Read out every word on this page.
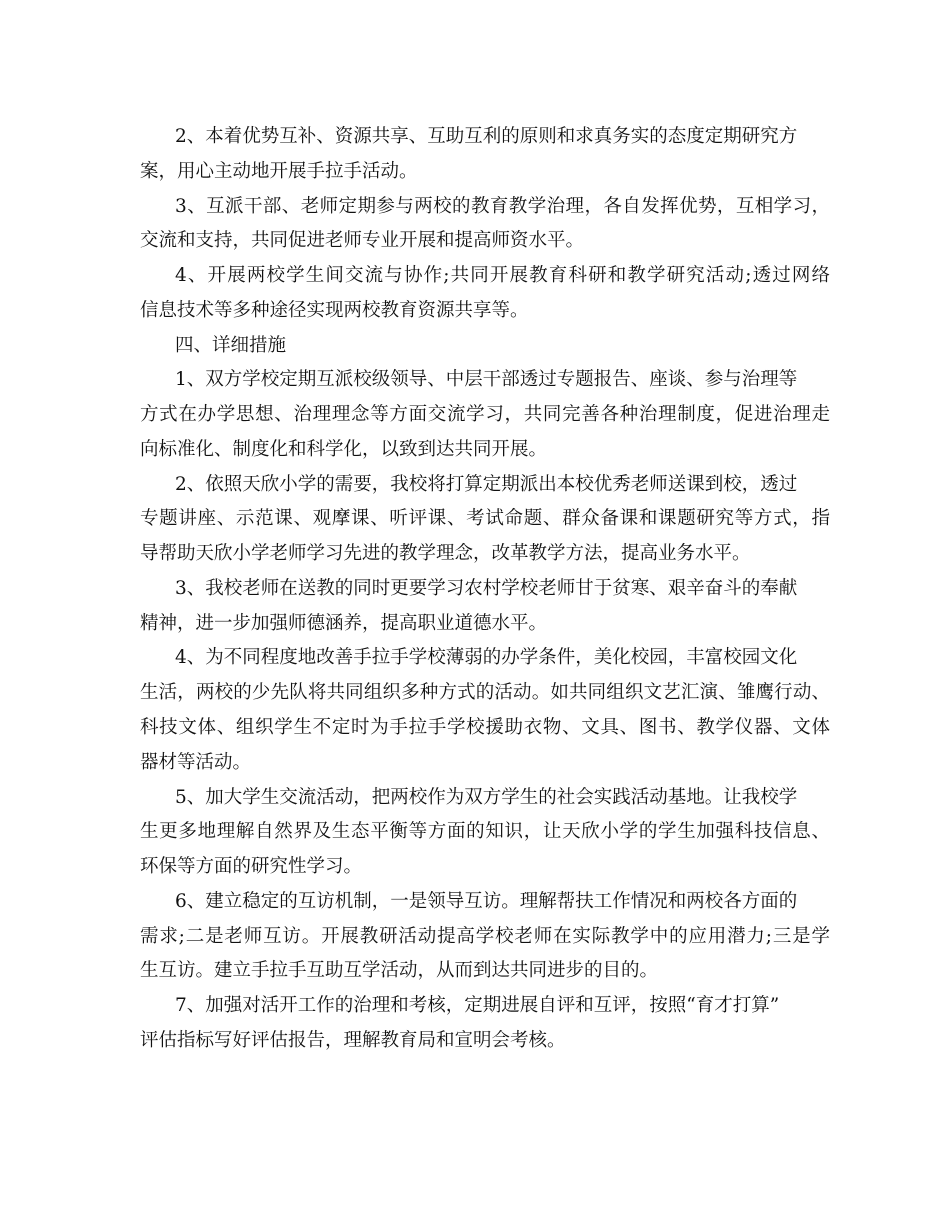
2、本着优势互补、资源共享、互助互利的原则和求真务实的态度定期研究方
案，用心主动地开展手拉手活动。
3、互派干部、老师定期参与两校的教育教学治理，各自发挥优势，互相学习，
交流和支持，共同促进老师专业开展和提高师资水平。
4、开展两校学生间交流与协作;共同开展教育科研和教学研究活动;透过网络
信息技术等多种途径实现两校教育资源共享等。
四、详细措施
1、双方学校定期互派校级领导、中层干部透过专题报告、座谈、参与治理等
方式在办学思想、治理理念等方面交流学习，共同完善各种治理制度，促进治理走
向标准化、制度化和科学化，以致到达共同开展。
2、依照天欣小学的需要，我校将打算定期派出本校优秀老师送课到校，透过
专题讲座、示范课、观摩课、听评课、考试命题、群众备课和课题研究等方式，指
导帮助天欣小学老师学习先进的教学理念，改革教学方法，提高业务水平。
3、我校老师在送教的同时更要学习农村学校老师甘于贫寒、艰辛奋斗的奉献
精神，进一步加强师德涵养，提高职业道德水平。
4、为不同程度地改善手拉手学校薄弱的办学条件，美化校园，丰富校园文化
生活，两校的少先队将共同组织多种方式的活动。如共同组织文艺汇演、雏鹰行动、
科技文体、组织学生不定时为手拉手学校援助衣物、文具、图书、教学仪器、文体
器材等活动。
5、加大学生交流活动，把两校作为双方学生的社会实践活动基地。让我校学
生更多地理解自然界及生态平衡等方面的知识，让天欣小学的学生加强科技信息、
环保等方面的研究性学习。
6、建立稳定的互访机制，一是领导互访。理解帮扶工作情况和两校各方面的
需求;二是老师互访。开展教研活动提高学校老师在实际教学中的应用潜力;三是学
生互访。建立手拉手互助互学活动，从而到达共同进步的目的。
7、加强对活开工作的治理和考核，定期进展自评和互评，按照“育才打算”
评估指标写好评估报告，理解教育局和宣明会考核。
